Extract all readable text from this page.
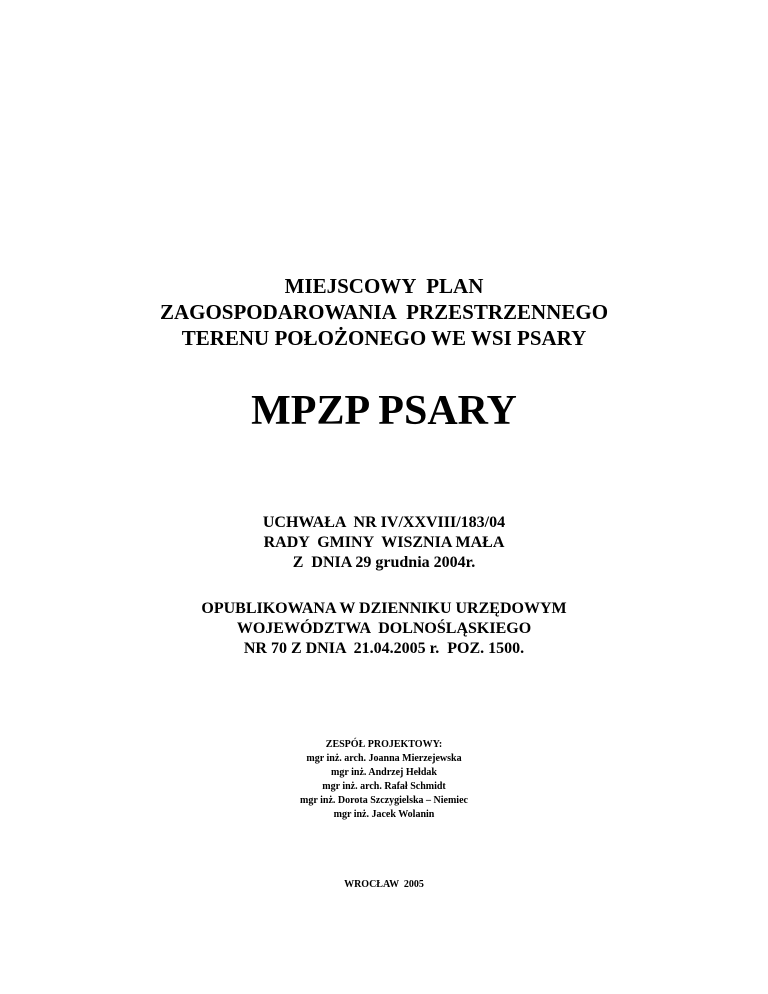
MIEJSCOWY  PLAN
ZAGOSPODAROWANIA  PRZESTRZENNEGO
TERENU POŁOŻONEGO WE WSI PSARY
MPZP PSARY
UCHWAŁA  NR IV/XXVIII/183/04
RADY  GMINY  WISZNIA MAŁA
Z  DNIA 29 grudnia 2004r.
OPUBLIKOWANA W DZIENNIKU URZĘDOWYM
WOJEWÓDZTWA  DOLNOŚLĄSKIEGO
NR 70 Z DNIA  21.04.2005 r.  POZ. 1500.
ZESPÓŁ PROJEKTOWY:
mgr inż. arch. Joanna Mierzejewska
mgr inż. Andrzej Hełdak
mgr inż. arch. Rafał Schmidt
mgr inż. Dorota Szczygielska – Niemiec
mgr inż. Jacek Wolanin
WROCŁAW  2005
